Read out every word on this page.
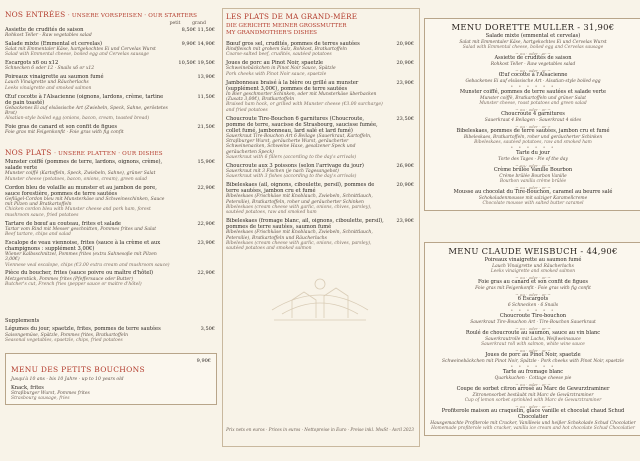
NOS ENTRÉES · UNSERE VORSPEISEN · OUR STARTERS
petit	grand
Assiette de crudités de saison
Rohkost Teller · Raw vegetables salad
8,50€ 11,50€
Salade mixte (Emmental et cervelas)
Salat mit Emmentaler Käse, hartgekochtes Ei und Cervelas Wurst
Salad with Emmental cheese, boiled egg and Cervelas sausage
9,90€ 14,90€
Escargots x6 ou x12
Schnecken 6 oder 12 · Snails x6 or x12
10,50€ 19,50€
Poireaux vinaigrette au saumon fumé
Lauch Vinaigrette und Räucherlachs
Leeks vinaigrette and smoked salmon
13,90€
Œuf cocotte à l'Alsacienne (oignons, lardons, crème, tartine de pain toasté)
Gebackenes Ei auf elsässische Art (Zwiebeln, Speck, Sahne, geröstetes Brot)
Alsatian-style boiled egg (onions, bacon, cream, toasted bread)
11,50€
Foie gras de canard et son confit de figues
Foie gras mit Feigenkonfit · Foie gras with fig confit
21,50€
NOS PLATS · UNSERE PLATTEN · OUR DISHES
Munster coiffé (pommes de terre, lardons, oignons, crème), salade verte
Munster coiffé (Kartoffeln, Speck, Zwiebeln, Sahne), grüner Salat
Munster cheese (potatoes, bacon, onions, cream), green salad
15,90€
Cordon bleu de volaille au munster et au jambon de pore, sauce forestière, pommes de terre sautées
Geflügel-Cordon bleu mit Munsterkäse und Schweineschinken, Sauce mit Pilzen und Bratkartoffeln
Chicken cordon bleu with Munster cheese and pork ham, forest mushroom sauce, fried potatoes
22,90€
Tartare de bœuf au couteau, frites et salade
Tartar vom Rind mit Messer geschnitten, Pommes frites und Salat
Beef tartare, chips and salad
22,90€
Escalope de veau viennoise, frites (sauce à la crème et aux champignons : supplément 3,00€)
Wiener Kalbsschnitzel, Pommes frites (extra Sahnesoße mit Pilzen 3,00€)
Viennese veal escalope, chips (€3.00 extra cream and mushroom sauce)
23,90€
Pièce du boucher, frites (sauce poivre ou maître d'hôtel)
Metzgerstück, Pommes frites (Pfeffersauce oder Butter)
Butcher's cut, French fries (pepper sauce or maitre d'hôtel)
22,90€
Supplements
Légumes du jour, spaetzle, frites, pommes de terre sautées
Saisongemüse, Spätzle, Pommes frites, Bratkartoffeln
Seasonal vegetables, spaetzle, chips, fried potatoes
3,50€
MENU DES PETITS BOUCHONS
9,90€
Jusqu'à 10 ans · bis 10 Jahre · up to 10 years old
Knack, frites
Straßburger Wurst, Pommes frites
Strasbourg sausage, fries
LES PLATS DE MA GRAND-MÈRE
DIE GERICHTE MEINER GROSSMUTTER
MY GRANDMOTHER'S DISHES
Bœuf gros sel, crudités, pommes de terres sautées
Rindfleisch mit grobem Salz, Rohkost, Bratkartoffeln
Coarse-salted beef, crudités, sautéed potatoes
20,90€
Joues de porc au Pinot Noir, spaetzle
Schweinebäckchen in Pinot Noir Sauce, Spätzle
Pork cheeks with Pinot Noir sauce, spaetzle
20,90€
Jambonneau braisé à la bière ou grillé au munster (supplément 3,00€), pommes de terre sautées
In Bier geschmorter Schinken, oder mit Munsterkäse überbacken (Zusatz 3,00€), Bratkartoffeln
Braised ham hock, or grilled with Munster cheese (€3.00 surcharge) and fried potatoes
23,90€
Choucroute Tire-Bouchon 6 garnitures (Choucroute, pomme de terre, saucisse de Strasbourg, saucisse fumée, collet fumé, jambonneau, lard salé et lard fumé)
Sauerkraut Tire-Bouchon Art 6 Beilage (Sauerkraut, Kartoffeln, Straßburger Wurst, geräucherte Wurst, geräucherter Schweinenacken, Schweine Haxe, gesalzener Speck und geräucherten Speck)
Sauerkraut with 6 fillers (according to the day's arrivals)
23,50€
Choucroute aux 3 poissons (selon l'arrivage du jour)
Sauerkraut mit 3 Fischen (je nach Tagesangebot)
Sauerkraut with 3 fishes (according to the day's arrivals)
26,90€
Bibeleskaes (ail, oignons, ciboulette, persil), pommes de terre sautées, jambon cru et fumé
Bibeleskaes (Frischkäse mit Knoblauch, Zwiebeln, Schnittlauch, Petersilie), Bratkartoffeln, roher und geräucherter Schinken
Bibeleskaes (cream cheese with garlic, onions, chives, parsley), sautéed potatoes, raw and smoked ham
20,90€
Bibeleskaes (fromage blanc, ail, oignons, ciboulette, persil), pommes de terre sautées, saumon fumé
Bibeleskaes (Frischkäse mit Knoblauch, Zwiebeln, Schnittlauch, Petersilie), Bratkartoffeln und Räucherlachs
Bibeleskaes (cream cheese with garlic, onions, chives, parsley), sautéed potatoes and smoked salmon
23,90€
Prix nets en euros · Prices in euros · Nettopreise in Euro · Preise inkl. MwSt · Avril 2023
MENU DORETTE MULLER - 31,90€
Salade mixte (emmental et cervelas)
Salat mit Emmentaler Käse, hartgekochtes Ei und Cervelas Wurst
Salad with Emmental cheese, boiled egg and Cervelas sausage
~ ou · oder · or ~
Assiette de crudités de saison
Rohkost Teller · Raw vegetables salad
~ ou · oder · or ~
Œuf cocotte à l'Alsacienne
Gebackenes Ei auf elsässische Art · Alsatian-style boiled egg
• • • • • •
Munster coiffé, pommes de terre sautées et salade verte
Munster coiffé, Bratkartoffeln und grüner Salat
Munster cheese, roast potatoes and green salad
~ ou · oder · or ~
Choucroute 4 garnitures
Sauerkraut 4 Beilagen · Sauerkraut 4 sides
~ ou · oder · or ~
Bibeleskaes, pommes de terre sautées, jambon cru et fumé
Bibeleskaes, Bratkartoffeln, roher und geräucherter Schinken
Bibeleskaes, sautéed potatoes, raw and smoked ham
• • • • • •
Tarte du jour
Torte des Tages · Pie of the day
~ ou · oder · or ~
Crème brûlée Vanille Bourbon
Crème brûlée Bourbon Vanille
Bourbon vanilla crème brûlée
~ ou · oder · or ~
Mousse au chocolat du Tire-Bouchon, caramel au beurre salé
Schokoladenmousse mit salziger Karamellcreme
Chocolate mousse with salted butter caramel
MENU CLAUDE WEISBUCH - 44,90€
Poireaux vinaigrette au saumon fumé
Lauch Vinaigrette und Räucherlachs
Leeks vinaigrette and smoked salmon
~ ou · oder · or ~
Foie gras au canard et son confit de figues
Foie gras mit Feigenkonfit · Foie gras with fig confit
~ ou · oder · or ~
6 Escargots
6 Schnecken · 6 Snails
• • • • • •
Choucroute Tire-bouchon
Sauerkraut Tire-Bouchon Art · Tire-Bouchon Sauerkraut
~ ou · oder · or ~
Roulé de choucroute au saumon, sauce au vin blanc
Sauerkrautrolle mit Lachs, Weißweinsauce
Sauerkraut roll with salmon, white wine sauce
~ ou · oder · or ~
Joues de porc au Pinot Noir, spaetzle
Schweinebäckchen mit Pinot Noir, Spätzle · Pork cheeks with Pinot Noir, spaetzle
• • • • • •
Tarte au fromage blanc
Quarkkuchen · Cottage cheese pie
~ ou · oder · or ~
Coupe de sorbet citron arrosé au Marc de Gewurztraminer
Zitronensorbet bestäubt mit Marc de Gewürztraminer
Cup of lemon sorbet sprinkled with Marc de Gewurztraminer
~ ou · oder · or ~
Profiterole maison au craquelin, glace vanille et chocolat chaud Schud Chocolatier
Hausgemachte Profiterole mit Cracker, Vanilleeis und heißer Schokolade Schud Chocolatier
Homemade profiterole with cracker, vanilla ice cream and hot chocolate Schud Chocolatier
